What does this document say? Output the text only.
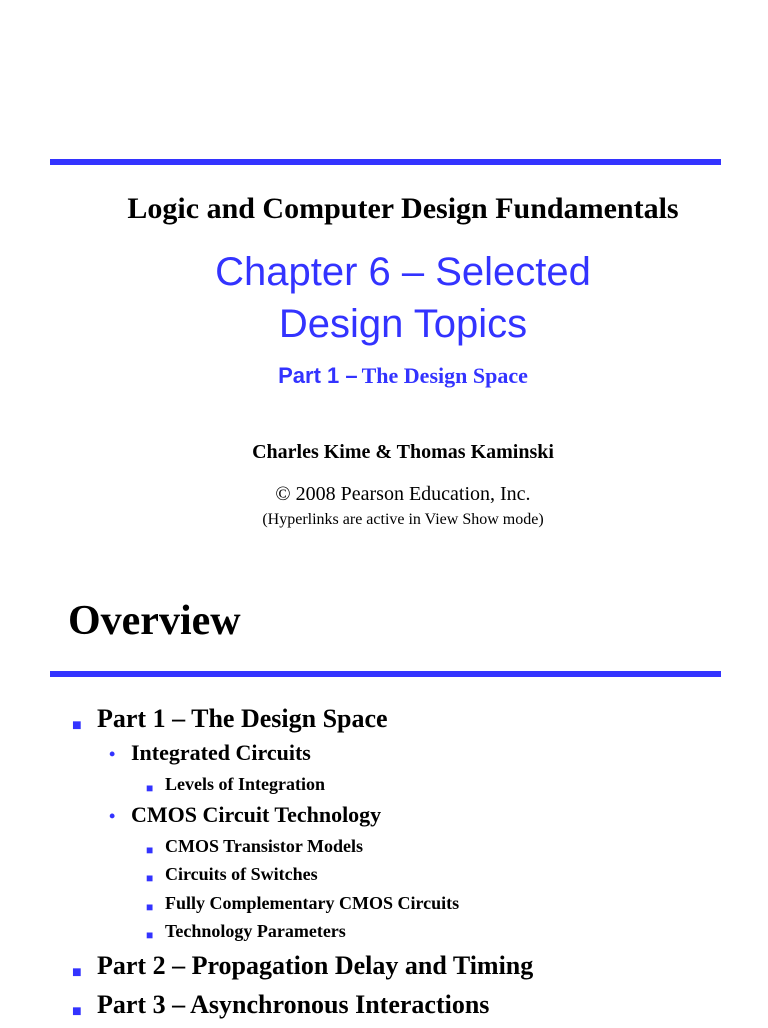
Logic and Computer Design Fundamentals
Chapter 6 – Selected
Design Topics
Part 1 – The Design Space
Charles Kime & Thomas Kaminski
© 2008 Pearson Education, Inc.
(Hyperlinks are active in View Show mode)
Overview
■ Part 1 – The Design Space
• Integrated Circuits
■ Levels of Integration
• CMOS Circuit Technology
■ CMOS Transistor Models
■ Circuits of Switches
■ Fully Complementary CMOS Circuits
■ Technology Parameters
■ Part 2 – Propagation Delay and Timing
■ Part 3 – Asynchronous Interactions
